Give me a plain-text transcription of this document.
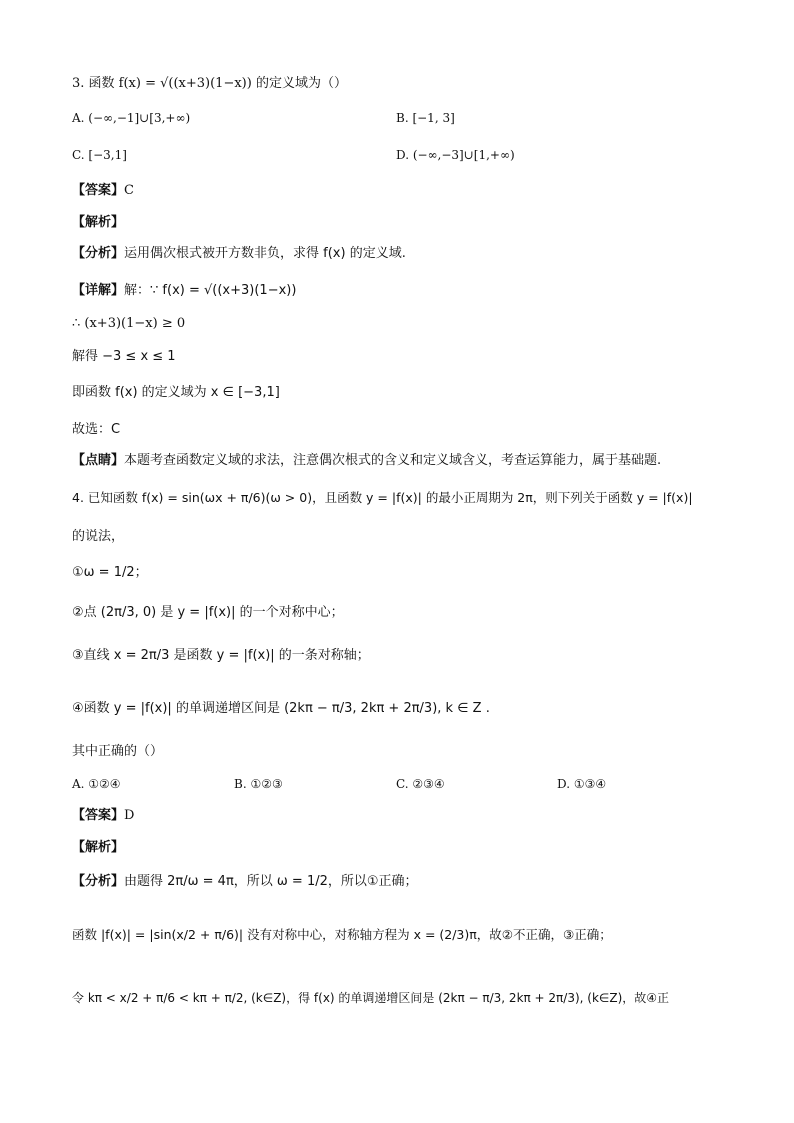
3. 函数 f(x) = √((x+3)(1−x)) 的定义域为（）
A. (−∞,−1]∪[3,+∞)	B. [−1, 3]
C. [−3,1]	D. (−∞,−3]∪[1,+∞)
【答案】C
【解析】
【分析】运用偶次根式被开方数非负，求得 f(x) 的定义域.
【详解】解：∵ f(x) = √((x+3)(1−x))
∴ (x+3)(1−x) ≥ 0
解得 −3 ≤ x ≤ 1
即函数 f(x) 的定义域为 x ∈ [−3,1]
故选：C
【点睛】本题考查函数定义域的求法，注意偶次根式的含义和定义域含义，考查运算能力，属于基础题.
4. 已知函数 f(x) = sin(ωx + π/6)(ω > 0)，且函数 y = |f(x)| 的最小正周期为 2π，则下列关于函数 y = |f(x)|
的说法，
①ω = 1/2；
②点 (2π/3, 0) 是 y = |f(x)| 的一个对称中心；
③直线 x = 2π/3 是函数 y = |f(x)| 的一条对称轴；
④函数 y = |f(x)| 的单调递增区间是 (2kπ − π/3, 2kπ + 2π/3), k ∈ Z .
其中正确的（）
A. ①②④	B. ①②③	C. ②③④	D. ①③④
【答案】D
【解析】
【分析】由题得 2π/ω = 4π，所以 ω = 1/2，所以①正确；
函数 |f(x)| = |sin(x/2 + π/6)| 没有对称中心，对称轴方程为 x = (2/3)π，故②不正确，③正确；
令 kπ < x/2 + π/6 < kπ + π/2, (k∈Z)，得 f(x) 的单调递增区间是 (2kπ − π/3, 2kπ + 2π/3), (k∈Z)，故④正
